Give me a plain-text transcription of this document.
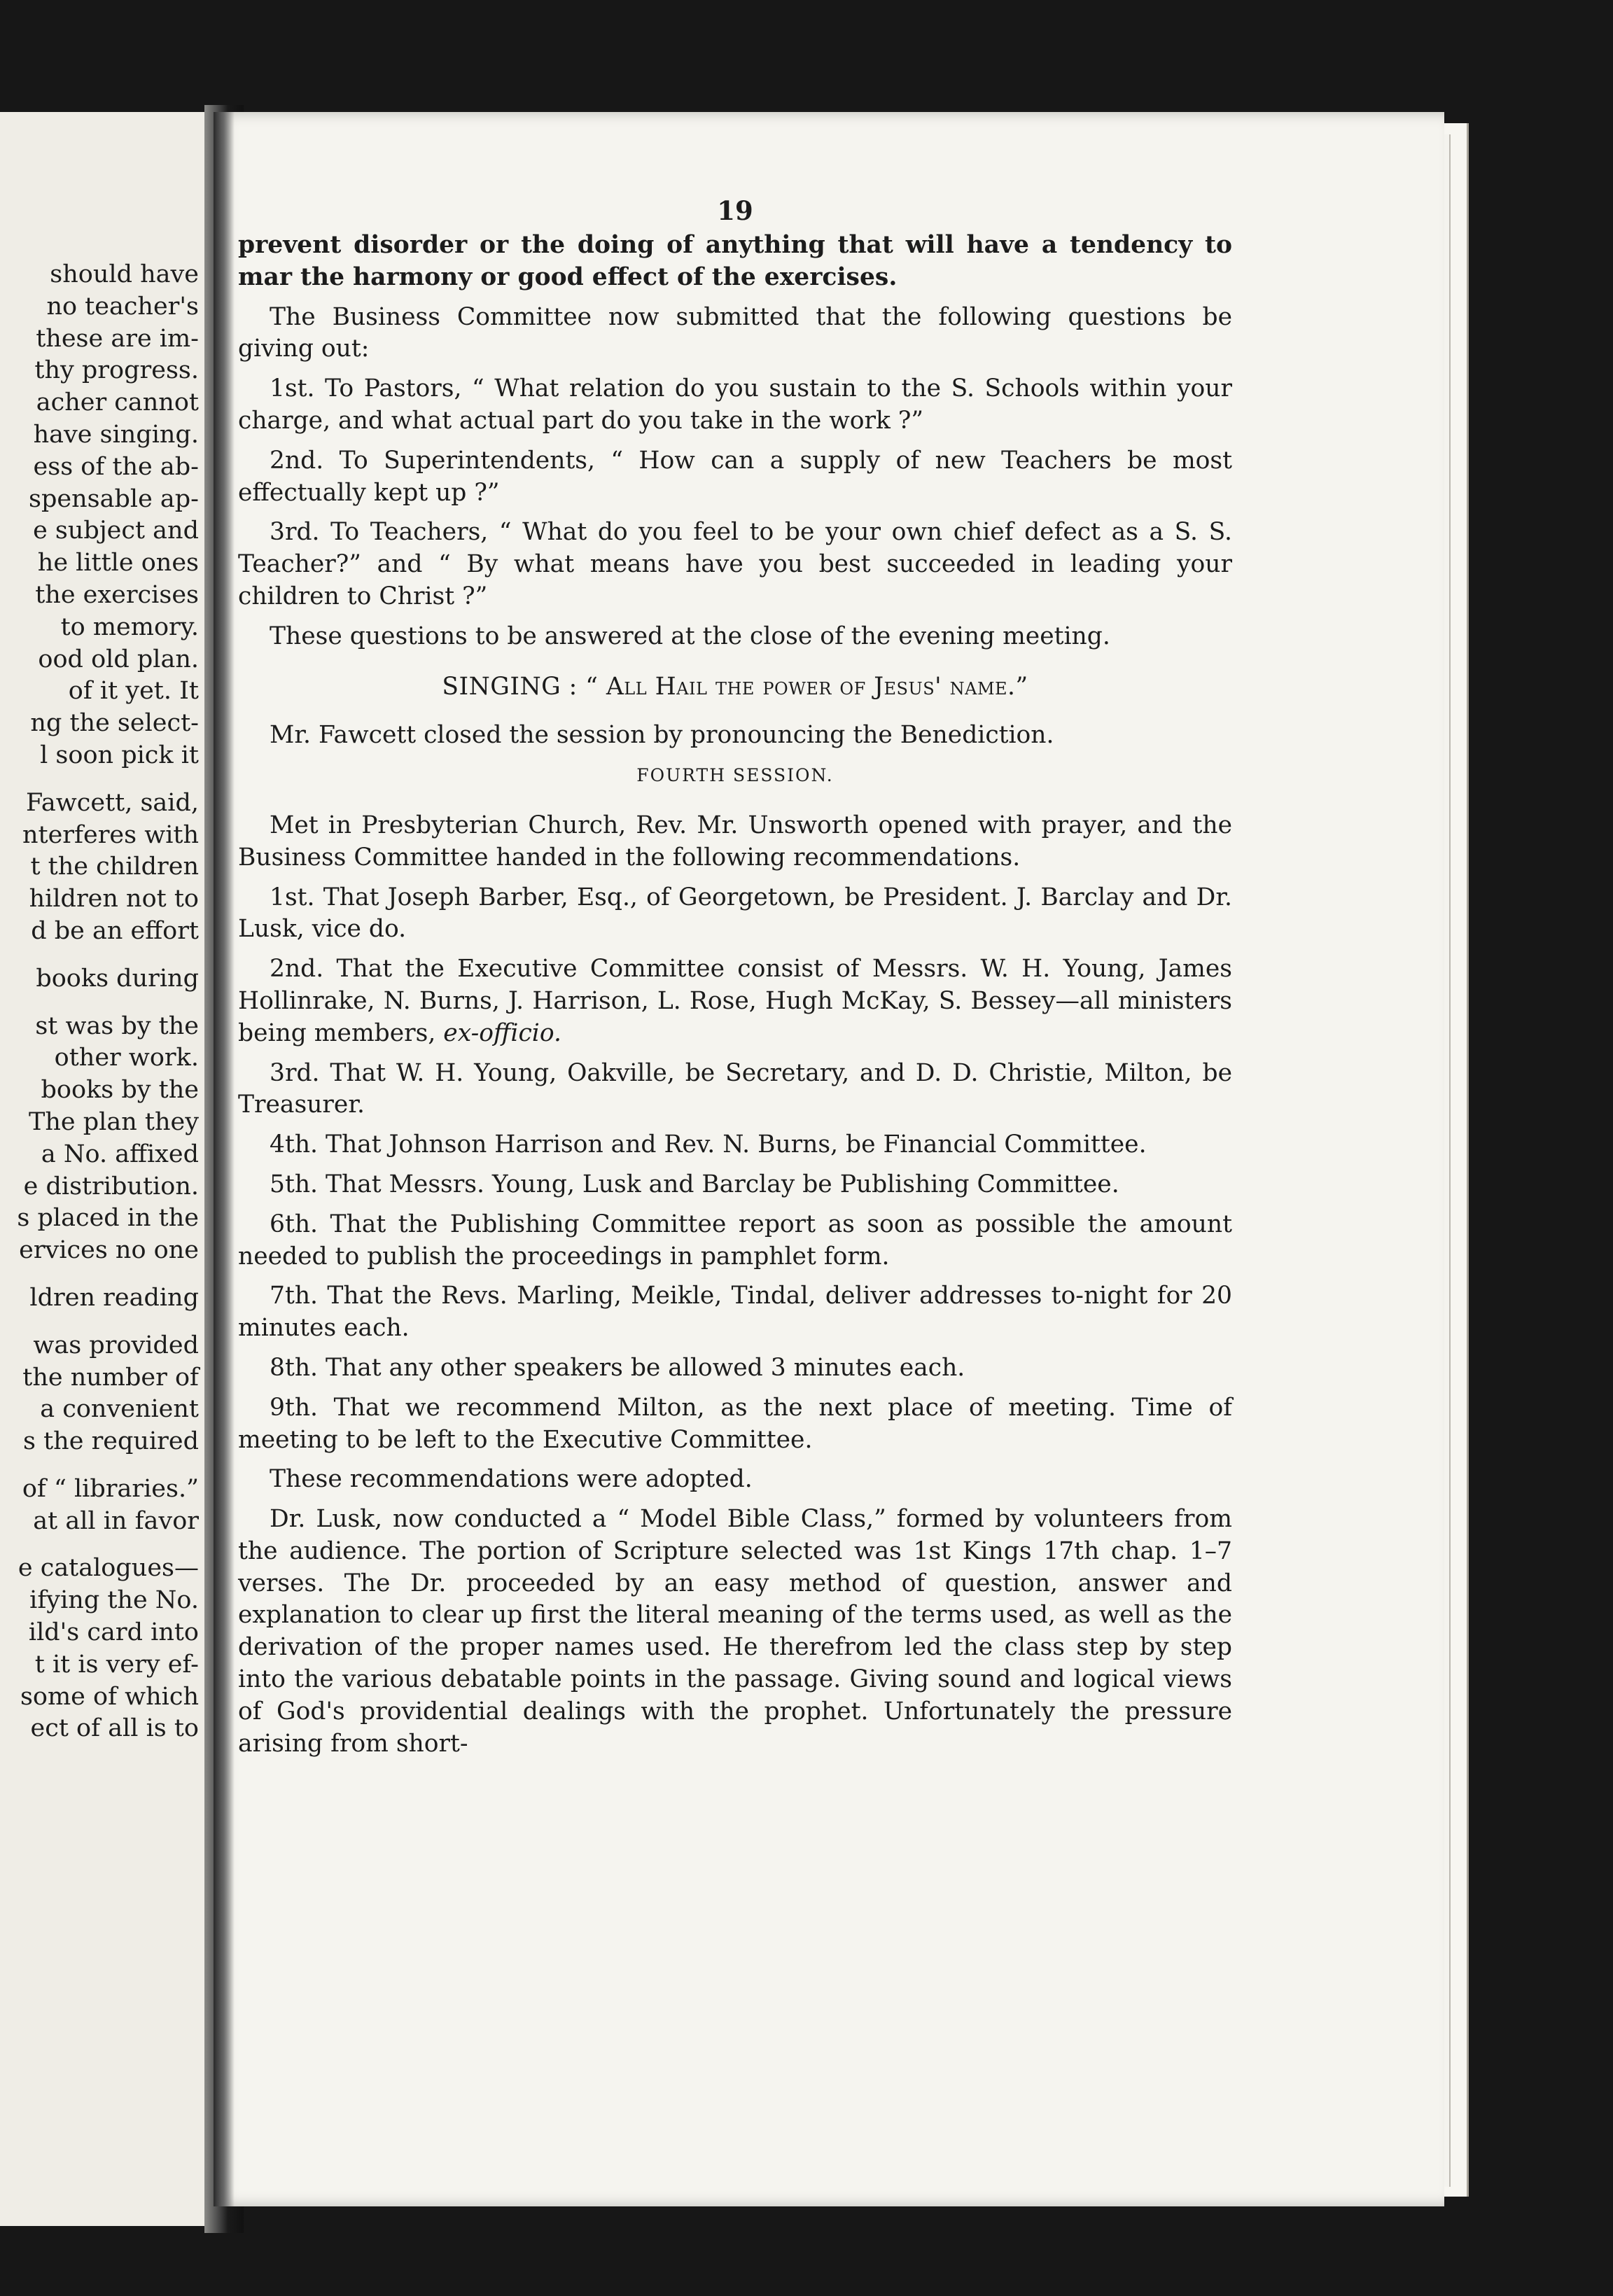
should have
no teacher's
these are im-
thy progress.
acher cannot
have singing.
ess of the ab-
spensable ap-
e subject and
he little ones
the exercises
to memory.
ood old plan.
of it yet. It
ng the select-
l soon pick it
Fawcett, said,
nterferes with
t the children
hildren not to
d be an effort
books during
st was by the
other work.
books by the
The plan they
a No. affixed
e distribution.
s placed in the
ervices no one
ldren reading
was provided
the number of
a convenient
s the required
of “ libraries.”
at all in favor
e catalogues—
ifying the No.
ild's card into
t it is very ef-
some of which
ect of all is to
19

prevent disorder or the doing of anything that will have a tendency to mar the harmony or good effect of the exercises.

The Business Committee now submitted that the following questions be giving out:

1st. To Pastors, “ What relation do you sustain to the S. Schools within your charge, and what actual part do you take in the work ?”

2nd. To Superintendents, “ How can a supply of new Teachers be most effectually kept up ?”

3rd. To Teachers, “ What do you feel to be your own chief defect as a S. S. Teacher?” and “ By what means have you best succeeded in leading your children to Christ ?”

These questions to be answered at the close of the evening meeting.

SINGING : “ All Hail the power of Jesus' name.”

Mr. Fawcett closed the session by pronouncing the Benediction.

FOURTH SESSION.

Met in Presbyterian Church, Rev. Mr. Unsworth opened with prayer, and the Business Committee handed in the following recommendations.

1st. That Joseph Barber, Esq., of Georgetown, be President. J. Barclay and Dr. Lusk, vice do.

2nd. That the Executive Committee consist of Messrs. W. H. Young, James Hollinrake, N. Burns, J. Harrison, L. Rose, Hugh McKay, S. Bessey—all ministers being members, ex-officio.

3rd. That W. H. Young, Oakville, be Secretary, and D. D. Christie, Milton, be Treasurer.

4th. That Johnson Harrison and Rev. N. Burns, be Financial Committee.

5th. That Messrs. Young, Lusk and Barclay be Publishing Committee.

6th. That the Publishing Committee report as soon as possible the amount needed to publish the proceedings in pamphlet form.

7th. That the Revs. Marling, Meikle, Tindal, deliver addresses to-night for 20 minutes each.

8th. That any other speakers be allowed 3 minutes each.

9th. That we recommend Milton, as the next place of meeting. Time of meeting to be left to the Executive Committee.

These recommendations were adopted.

Dr. Lusk, now conducted a “ Model Bible Class,” formed by volunteers from the audience. The portion of Scripture selected was 1st Kings 17th chap. 1–7 verses. The Dr. proceeded by an easy method of question, answer and explanation to clear up first the literal meaning of the terms used, as well as the derivation of the proper names used. He therefrom led the class step by step into the various debatable points in the passage. Giving sound and logical views of God's providential dealings with the prophet. Unfortunately the pressure arising from short-
